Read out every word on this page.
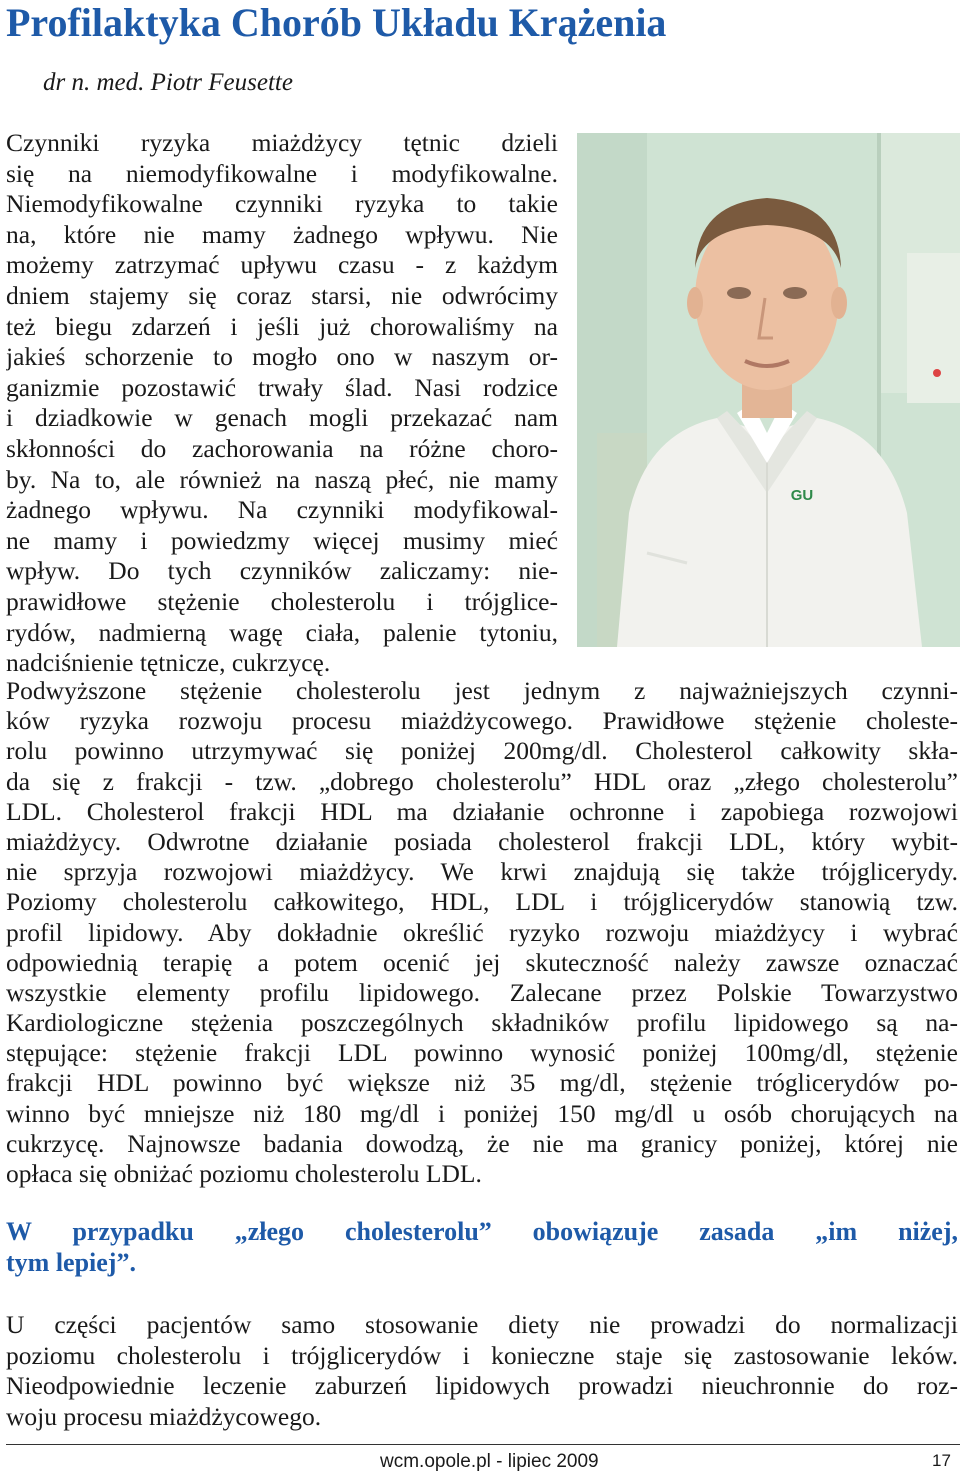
Profilaktyka Chorób Układu Krążenia
dr n. med. Piotr Feusette
Czynniki ryzyka miażdżycy tętnic dzieli
się na niemodyfikowalne i modyfikowalne.
Niemodyfikowalne czynniki ryzyka to takie
na, które nie mamy żadnego wpływu. Nie
możemy zatrzymać upływu czasu - z każdym
dniem stajemy się coraz starsi, nie odwrócimy
też biegu zdarzeń i jeśli już chorowaliśmy na
jakieś schorzenie to mogło ono w naszym or-
ganizmie pozostawić trwały ślad. Nasi rodzice
i dziadkowie w genach mogli przekazać nam
skłonności do zachorowania na różne choro-
by. Na to, ale również na naszą płeć, nie mamy
żadnego wpływu. Na czynniki modyfikowal-
ne mamy i powiedzmy więcej musimy mieć
wpływ. Do tych czynników zaliczamy: nie-
prawidłowe stężenie cholesterolu i trójglice-
rydów, nadmierną wagę ciała, palenie tytoniu,
nadciśnienie tętnicze, cukrzycę.
GU
Podwyższone stężenie cholesterolu jest jednym z najważniejszych czynni-
ków ryzyka rozwoju procesu miażdżycowego. Prawidłowe stężenie choleste-
rolu powinno utrzymywać się poniżej 200mg/dl. Cholesterol całkowity skła-
da się z frakcji - tzw. „dobrego cholesterolu” HDL oraz „złego cholesterolu”
LDL. Cholesterol frakcji HDL ma działanie ochronne i zapobiega rozwojowi
miażdżycy. Odwrotne działanie posiada cholesterol frakcji LDL, który wybit-
nie sprzyja rozwojowi miażdżycy. We krwi znajdują się także trójglicerydy.
Poziomy cholesterolu całkowitego, HDL, LDL i trójglicerydów stanowią tzw.
profil lipidowy. Aby dokładnie określić ryzyko rozwoju miażdżycy i wybrać
odpowiednią terapię a potem ocenić jej skuteczność należy zawsze oznaczać
wszystkie elementy profilu lipidowego. Zalecane przez Polskie Towarzystwo
Kardiologiczne stężenia poszczególnych składników profilu lipidowego są na-
stępujące: stężenie frakcji LDL powinno wynosić poniżej 100mg/dl, stężenie
frakcji HDL powinno być większe niż 35 mg/dl, stężenie tróglicerydów po-
winno być mniejsze niż 180 mg/dl i poniżej 150 mg/dl u osób chorujących na
cukrzycę. Najnowsze badania dowodzą, że nie ma granicy poniżej, której nie
opłaca się obniżać poziomu cholesterolu LDL.
W przypadku „złego cholesterolu” obowiązuje zasada „im niżej,
tym lepiej”.
U części pacjentów samo stosowanie diety nie prowadzi do normalizacji
poziomu cholesterolu i trójglicerydów i konieczne staje się zastosowanie leków.
Nieodpowiednie leczenie zaburzeń lipidowych prowadzi nieuchronnie do roz-
woju procesu miażdżycowego.
wcm.opole.pl - lipiec 2009	17
